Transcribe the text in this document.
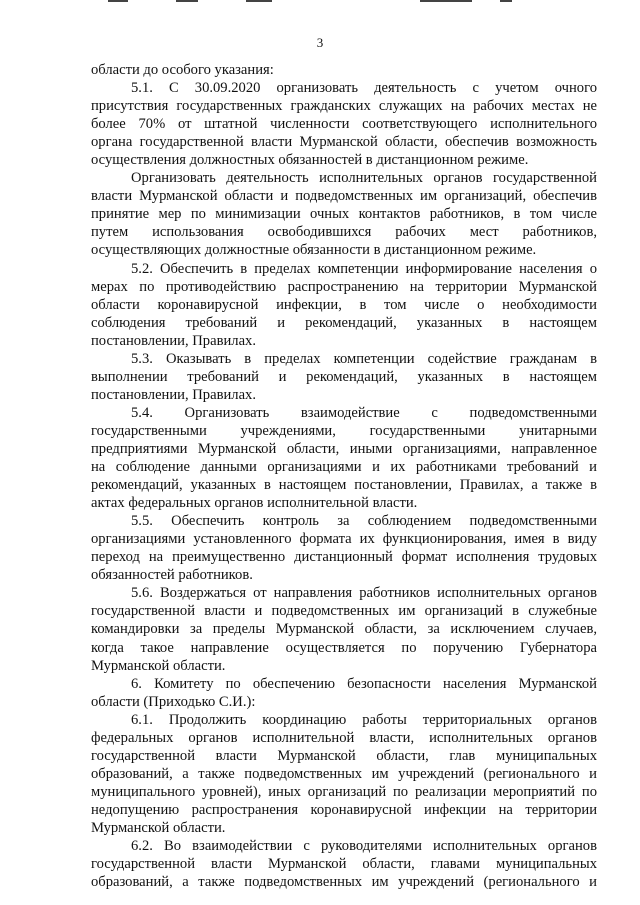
3

области до особого указания:

5.1. С 30.09.2020 организовать деятельность с учетом очного

присутствия государственных гражданских служащих на рабочих местах не

более 70% от штатной численности соответствующего исполнительного

органа государственной власти Мурманской области, обеспечив возможность

осуществления должностных обязанностей в дистанционном режиме.

Организовать деятельность исполнительных органов государственной

власти Мурманской области и подведомственных им организаций, обеспечив

принятие мер по минимизации очных контактов работников, в том числе

путем использования освободившихся рабочих мест работников,

осуществляющих должностные обязанности в дистанционном режиме.

5.2. Обеспечить в пределах компетенции информирование населения о

мерах по противодействию распространению на территории Мурманской

области коронавирусной инфекции, в том числе о необходимости

соблюдения требований и рекомендаций, указанных в настоящем

постановлении, Правилах.

5.3. Оказывать в пределах компетенции содействие гражданам в

выполнении требований и рекомендаций, указанных в настоящем

постановлении, Правилах.

5.4. Организовать взаимодействие с подведомственными

государственными учреждениями, государственными унитарными

предприятиями Мурманской области, иными организациями, направленное

на соблюдение данными организациями и их работниками требований и

рекомендаций, указанных в настоящем постановлении, Правилах, а также в

актах федеральных органов исполнительной власти.

5.5. Обеспечить контроль за соблюдением подведомственными

организациями установленного формата их функционирования, имея в виду

переход на преимущественно дистанционный формат исполнения трудовых

обязанностей работников.

5.6. Воздержаться от направления работников исполнительных органов

государственной власти и подведомственных им организаций в служебные

командировки за пределы Мурманской области, за исключением случаев,

когда такое направление осуществляется по поручению Губернатора

Мурманской области.

6. Комитету по обеспечению безопасности населения Мурманской

области (Приходько С.И.):

6.1. Продолжить координацию работы территориальных органов

федеральных органов исполнительной власти, исполнительных органов

государственной власти Мурманской области, глав муниципальных

образований, а также подведомственных им учреждений (регионального и

муниципального уровней), иных организаций по реализации мероприятий по

недопущению распространения коронавирусной инфекции на территории

Мурманской области.

6.2. Во взаимодействии с руководителями исполнительных органов

государственной власти Мурманской области, главами муниципальных

образований, а также подведомственных им учреждений (регионального и
